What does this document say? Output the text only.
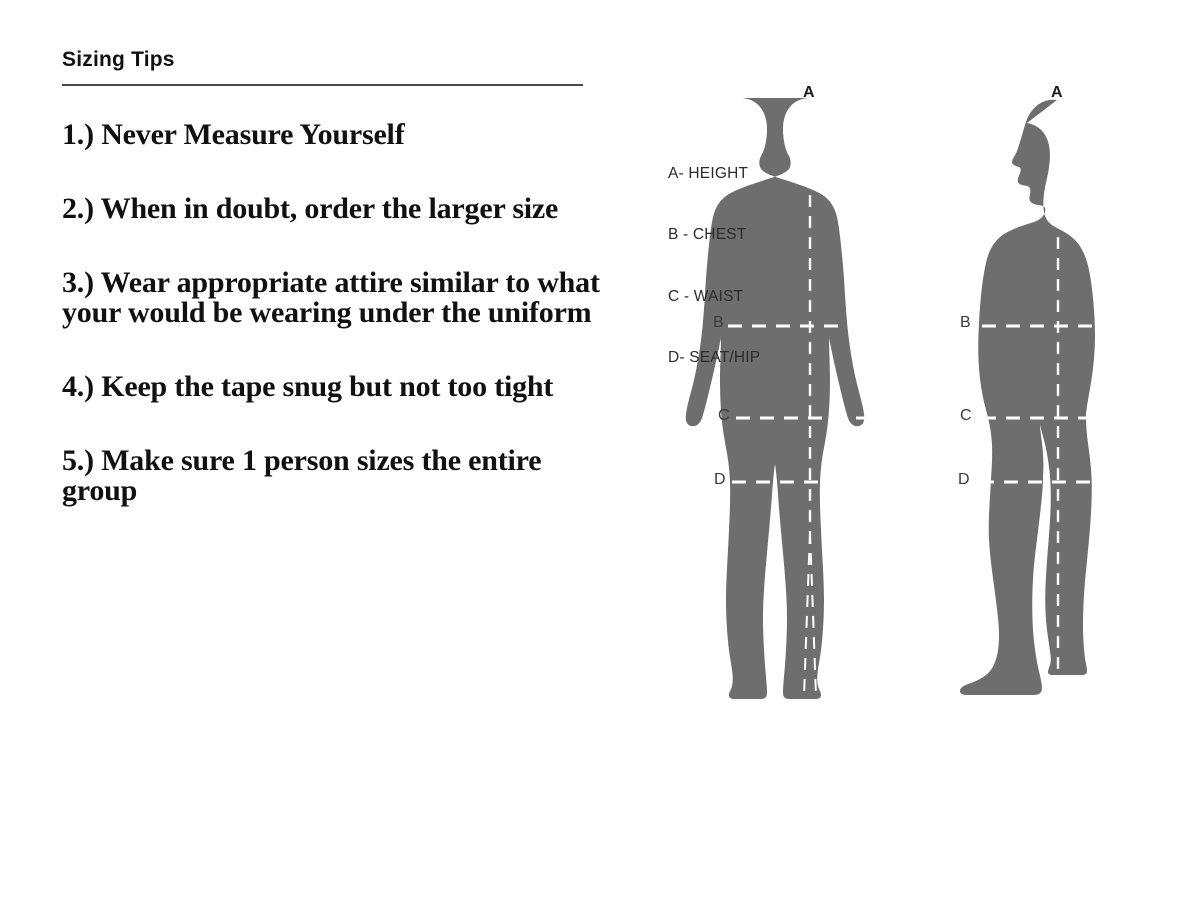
Sizing Tips

1.) Never Measure Yourself

2.) When in doubt, order the larger size

3.) Wear appropriate attire similar to what your would be wearing under the uniform

4.) Keep the tape snug but not too tight

5.) Make sure 1 person sizes the entire group

A- HEIGHT

B - CHEST

C - WAIST

D- SEAT/HIP

A
B
C
D
A
B
C
D
